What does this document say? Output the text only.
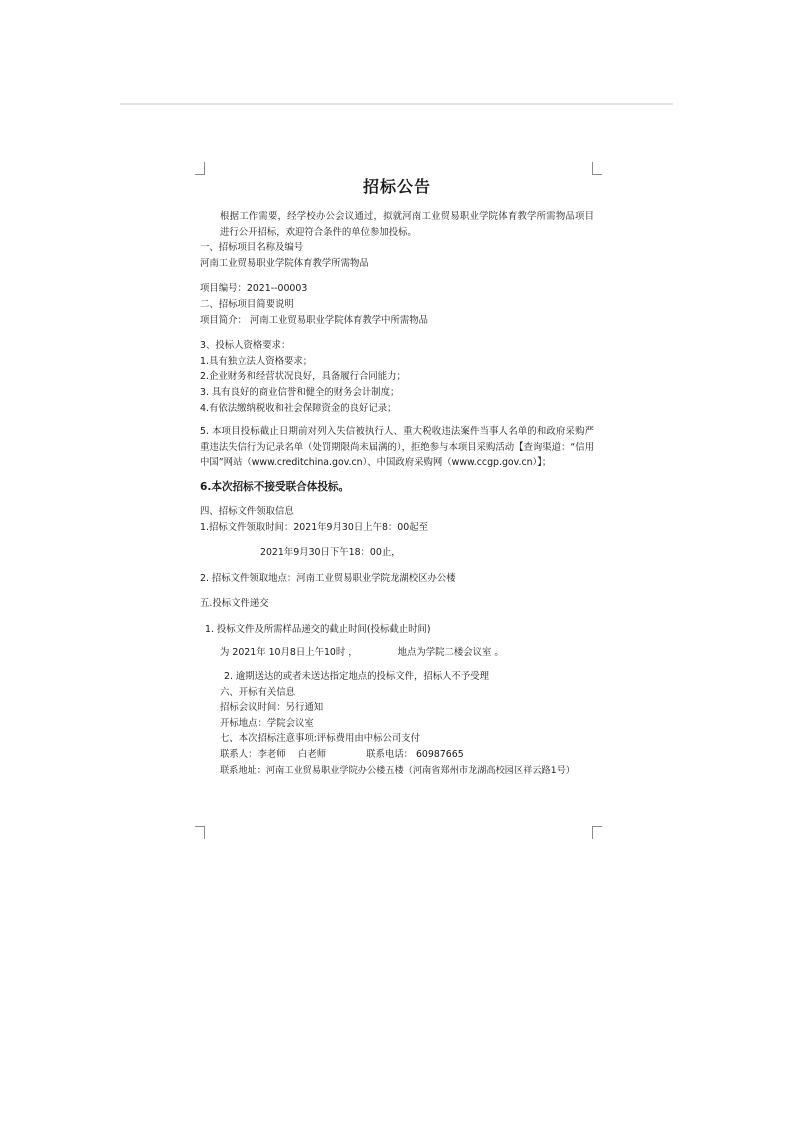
招标公告
根据工作需要，经学校办公会议通过，拟就河南工业贸易职业学院体育教学所需物品项目进行公开招标，欢迎符合条件的单位参加投标。
一、招标项目名称及编号
河南工业贸易职业学院体育教学所需物品
项目编号：2021--00003
二、招标项目简要说明
项目简介： 河南工业贸易职业学院体育教学中所需物品
3、投标人资格要求：
1.具有独立法人资格要求；
2.企业财务和经营状况良好，具备履行合同能力；
3. 具有良好的商业信誉和健全的财务会计制度；
4.有依法缴纳税收和社会保障资金的良好记录；
5. 本项目投标截止日期前对列入失信被执行人、重大税收违法案件当事人名单的和政府采购严重违法失信行为记录名单（处罚期限尚未届满的），拒绝参与本项目采购活动【查询渠道：“信用中国”网站（www.creditchina.gov.cn）、中国政府采购网（www.ccgp.gov.cn）】；
6.本次招标不接受联合体投标。
四、招标文件领取信息
1.招标文件领取时间：2021年9月30日上午8：00起至
2021年9月30日下午18：00止，
2. 招标文件领取地点：河南工业贸易职业学院龙湖校区办公楼
五.投标文件递交
1. 投标文件及所需样品递交的截止时间(投标截止时间)
为 2021年 10月8日上午10时 ，	地点为学院二楼会议室 。
2. 逾期送达的或者未送达指定地点的投标文件，招标人不予受理
六、开标有关信息
招标会议时间：另行通知
开标地点：学院会议室
七、本次招标注意事项:评标费用由中标公司支付
联系人：李老师　 白老师	联系电话： 60987665
联系地址：河南工业贸易职业学院办公楼五楼（河南省郑州市龙湖高校园区祥云路1号）
